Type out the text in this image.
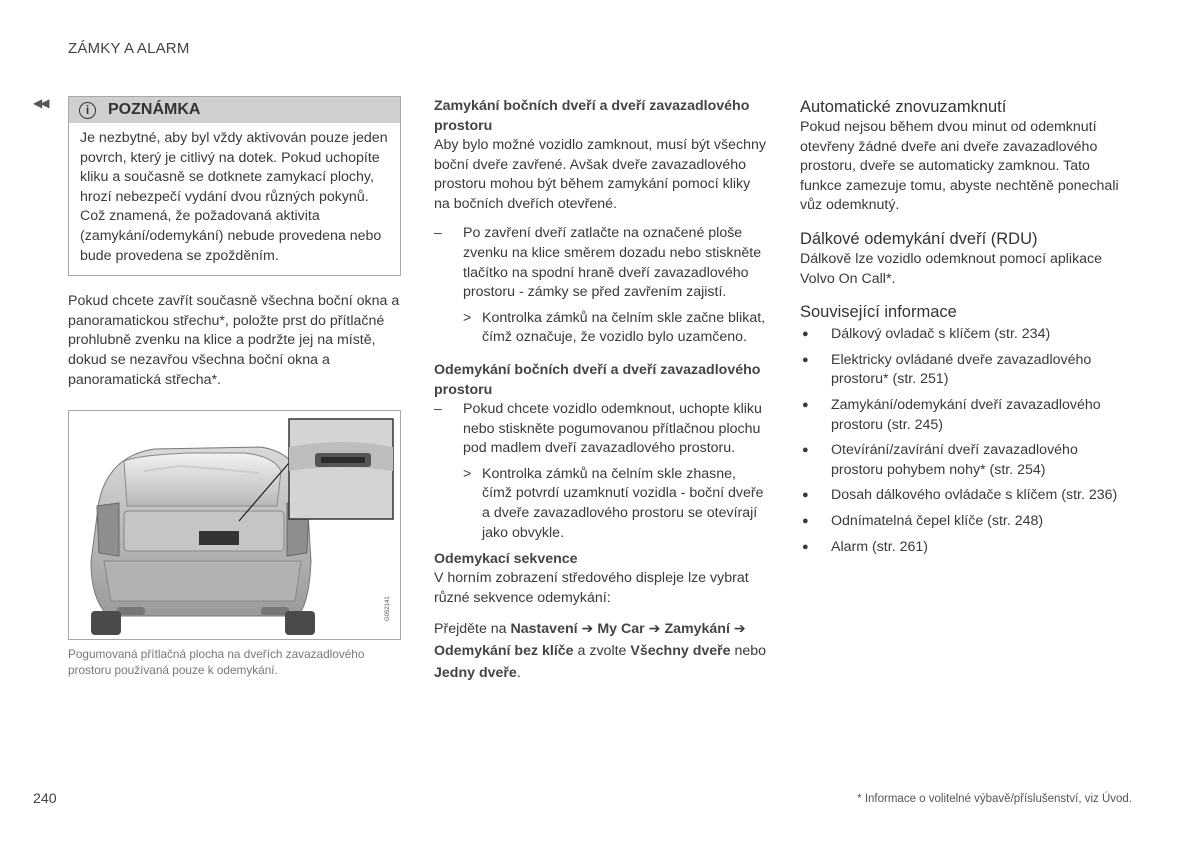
ZÁMKY A ALARM
◀◀	i	POZNÁMKA
Je nezbytné, aby byl vždy aktivován pouze jeden povrch, který je citlivý na dotek. Pokud uchopíte kliku a současně se dotknete zamykací plochy, hrozí nebezpečí vydání dvou různých pokynů. Což znamená, že požadovaná aktivita (zamykání/odemykání) nebude provedena nebo bude provedena se zpožděním.

Pokud chcete zavřít současně všechna boční okna a panoramatickou střechu*, položte prst do přítlačné prohlubně zvenku na klice a podržte jej na místě, dokud se nezavřou všechna boční okna a panoramatická střecha*.

G052141
Pogumovaná přítlačná plocha na dveřích zavazadlového prostoru používaná pouze k odemykání.
Zamykání bočních dveří a dveří zavazadlového prostoru

Aby bylo možné vozidlo zamknout, musí být všechny boční dveře zavřené. Avšak dveře zavazadlového prostoru mohou být během zamykání pomocí kliky na bočních dveřích otevřené.

–	Po zavření dveří zatlačte na označené ploše zvenku na klice směrem dozadu nebo stiskněte tlačítko na spodní hraně dveří zavazadlového prostoru - zámky se před zavřením zajistí.

> Kontrolka zámků na čelním skle začne blikat, čímž označuje, že vozidlo bylo uzamčeno.

Odemykání bočních dveří a dveří zavazadlového prostoru
–	Pokud chcete vozidlo odemknout, uchopte kliku nebo stiskněte pogumovanou přítlačnou plochu pod madlem dveří zavazadlového prostoru.

> Kontrolka zámků na čelním skle zhasne, čímž potvrdí uzamknutí vozidla - boční dveře a dveře zavazadlového prostoru se otevírají jako obvykle.

Odemykací sekvence

V horním zobrazení středového displeje lze vybrat různé sekvence odemykání:

Přejděte na Nastavení ➔ My Car ➔ Zamykání ➔ Odemykání bez klíče a zvolte Všechny dveře nebo Jedny dveře.

Automatické znovuzamknutí

Pokud nejsou během dvou minut od odemknutí otevřeny žádné dveře ani dveře zavazadlového prostoru, dveře se automaticky zamknou. Tato funkce zamezuje tomu, abyste nechtěně ponechali vůz odemknutý.

Dálkové odemykání dveří (RDU)

Dálkově lze vozidlo odemknout pomocí aplikace Volvo On Call*.

Související informace
●	Dálkový ovladač s klíčem (str. 234)
●	Elektricky ovládané dveře zavazadlového prostoru* (str. 251)
●	Zamykání/odemykání dveří zavazadlového prostoru (str. 245)
●	Otevírání/zavírání dveří zavazadlového prostoru pohybem nohy* (str. 254)
●	Dosah dálkového ovládače s klíčem (str. 236)
●	Odnímatelná čepel klíče (str. 248)
●	Alarm (str. 261)
240	* Informace o volitelné výbavě/příslušenství, viz Úvod.
